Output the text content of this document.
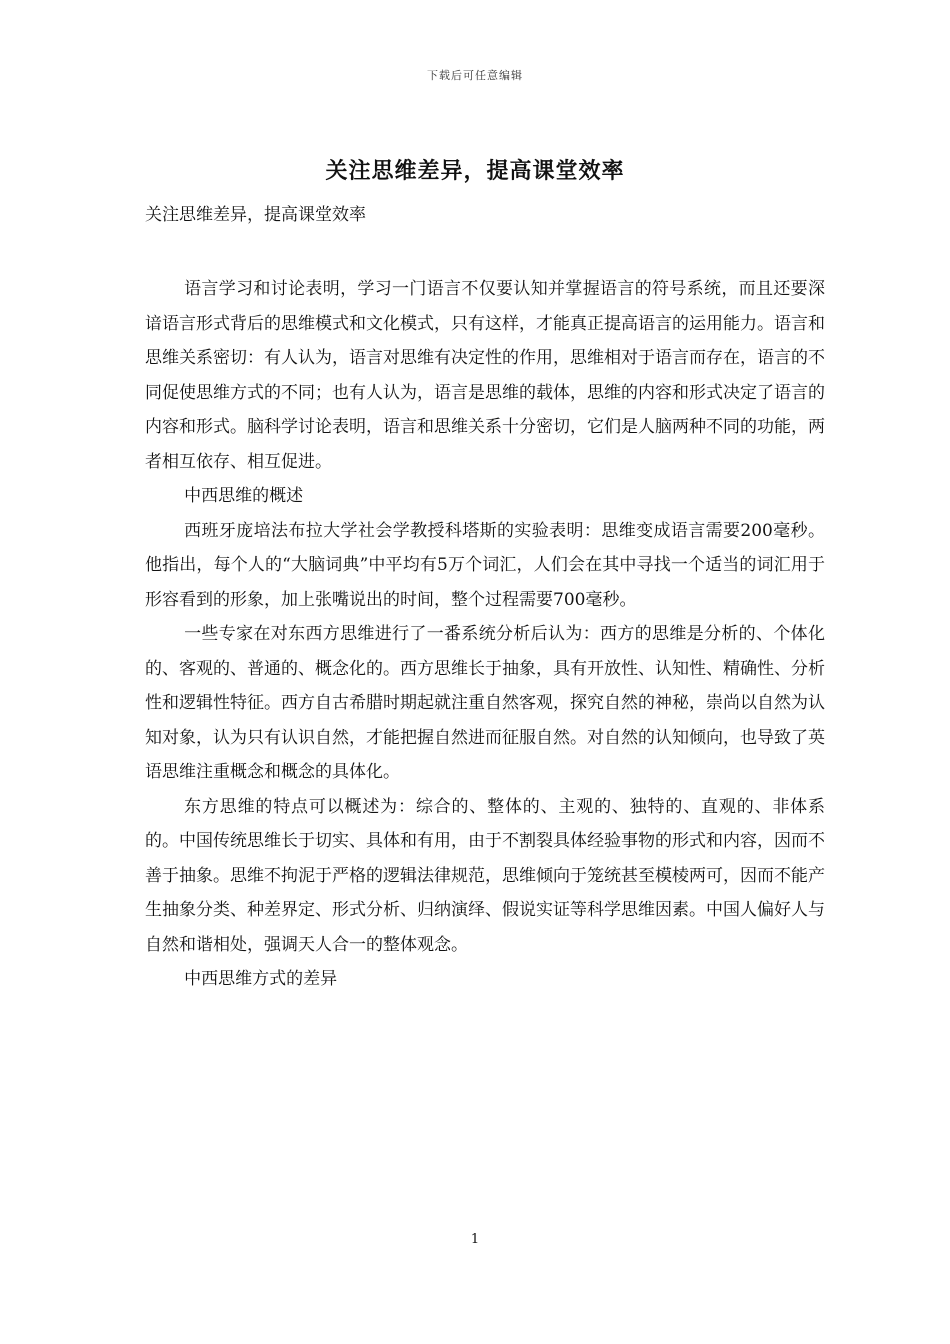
下载后可任意编辑
关注思维差异，提高课堂效率
关注思维差异，提高课堂效率

语言学习和讨论表明，学习一门语言不仅要认知并掌握语言的符号系统，而且还要深谙语言形式背后的思维模式和文化模式，只有这样，才能真正提高语言的运用能力。语言和思维关系密切：有人认为，语言对思维有决定性的作用，思维相对于语言而存在，语言的不同促使思维方式的不同；也有人认为，语言是思维的载体，思维的内容和形式决定了语言的内容和形式。脑科学讨论表明，语言和思维关系十分密切，它们是人脑两种不同的功能，两者相互依存、相互促进。

中西思维的概述

西班牙庞培法布拉大学社会学教授科塔斯的实验表明：思维变成语言需要200毫秒。他指出，每个人的“大脑词典”中平均有5万个词汇，人们会在其中寻找一个适当的词汇用于形容看到的形象，加上张嘴说出的时间，整个过程需要700毫秒。

一些专家在对东西方思维进行了一番系统分析后认为：西方的思维是分析的、个体化的、客观的、普通的、概念化的。西方思维长于抽象，具有开放性、认知性、精确性、分析性和逻辑性特征。西方自古希腊时期起就注重自然客观，探究自然的神秘，崇尚以自然为认知对象，认为只有认识自然，才能把握自然进而征服自然。对自然的认知倾向，也导致了英语思维注重概念和概念的具体化。

东方思维的特点可以概述为：综合的、整体的、主观的、独特的、直观的、非体系的。中国传统思维长于切实、具体和有用，由于不割裂具体经验事物的形式和内容，因而不善于抽象。思维不拘泥于严格的逻辑法律规范，思维倾向于笼统甚至模棱两可，因而不能产生抽象分类、种差界定、形式分析、归纳演绎、假说实证等科学思维因素。中国人偏好人与自然和谐相处，强调天人合一的整体观念。

中西思维方式的差异

1
